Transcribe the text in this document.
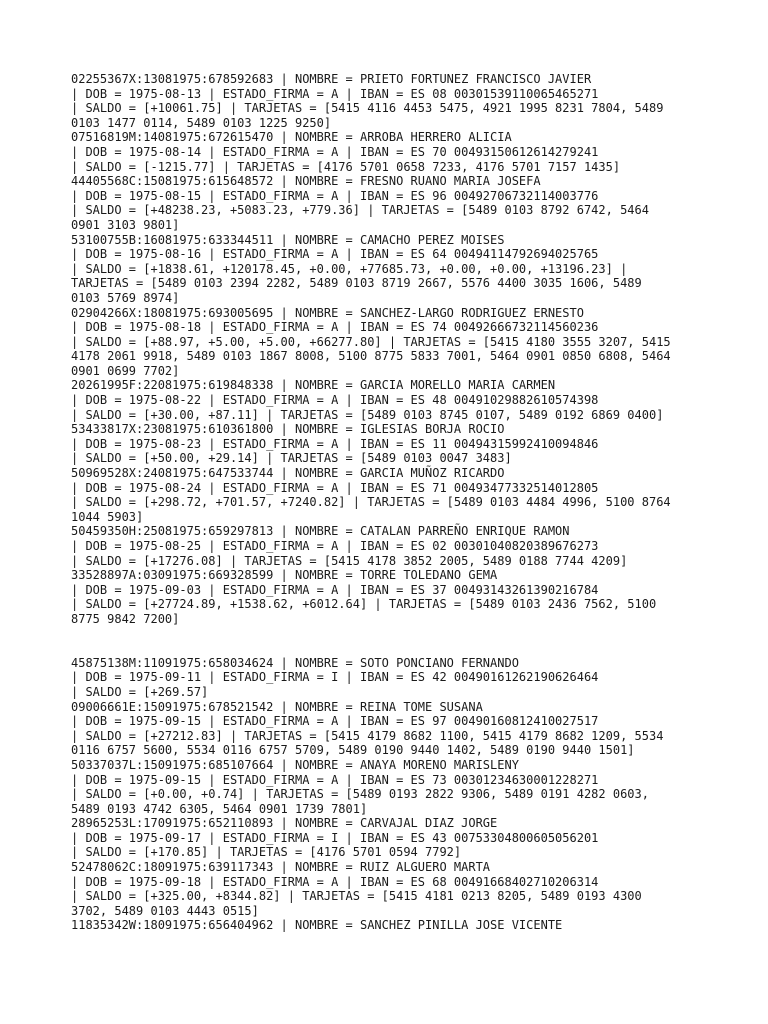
02255367X:13081975:678592683 | NOMBRE = PRIETO FORTUNEZ FRANCISCO JAVIER
| DOB = 1975-08-13 | ESTADO_FIRMA = A | IBAN = ES 08 00301539110065465271
| SALDO = [+10061.75] | TARJETAS = [5415 4116 4453 5475, 4921 1995 8231 7804, 5489
0103 1477 0114, 5489 0103 1225 9250]
07516819M:14081975:672615470 | NOMBRE = ARROBA HERRERO ALICIA
| DOB = 1975-08-14 | ESTADO_FIRMA = A | IBAN = ES 70 00493150612614279241
| SALDO = [-1215.77] | TARJETAS = [4176 5701 0658 7233, 4176 5701 7157 1435]
44405568C:15081975:615648572 | NOMBRE = FRESNO RUANO MARIA JOSEFA
| DOB = 1975-08-15 | ESTADO_FIRMA = A | IBAN = ES 96 00492706732114003776
| SALDO = [+48238.23, +5083.23, +779.36] | TARJETAS = [5489 0103 8792 6742, 5464
0901 3103 9801]
53100755B:16081975:633344511 | NOMBRE = CAMACHO PEREZ MOISES
| DOB = 1975-08-16 | ESTADO_FIRMA = A | IBAN = ES 64 00494114792694025765
| SALDO = [+1838.61, +120178.45, +0.00, +77685.73, +0.00, +0.00, +13196.23] |
TARJETAS = [5489 0103 2394 2282, 5489 0103 8719 2667, 5576 4400 3035 1606, 5489
0103 5769 8974]
02904266X:18081975:693005695 | NOMBRE = SANCHEZ-LARGO RODRIGUEZ ERNESTO
| DOB = 1975-08-18 | ESTADO_FIRMA = A | IBAN = ES 74 00492666732114560236
| SALDO = [+88.97, +5.00, +5.00, +66277.80] | TARJETAS = [5415 4180 3555 3207, 5415
4178 2061 9918, 5489 0103 1867 8008, 5100 8775 5833 7001, 5464 0901 0850 6808, 5464
0901 0699 7702]
20261995F:22081975:619848338 | NOMBRE = GARCIA MORELLO MARIA CARMEN
| DOB = 1975-08-22 | ESTADO_FIRMA = A | IBAN = ES 48 00491029882610574398
| SALDO = [+30.00, +87.11] | TARJETAS = [5489 0103 8745 0107, 5489 0192 6869 0400]
53433817X:23081975:610361800 | NOMBRE = IGLESIAS BORJA ROCIO
| DOB = 1975-08-23 | ESTADO_FIRMA = A | IBAN = ES 11 00494315992410094846
| SALDO = [+50.00, +29.14] | TARJETAS = [5489 0103 0047 3483]
50969528X:24081975:647533744 | NOMBRE = GARCIA MUÑOZ RICARDO
| DOB = 1975-08-24 | ESTADO_FIRMA = A | IBAN = ES 71 00493477332514012805
| SALDO = [+298.72, +701.57, +7240.82] | TARJETAS = [5489 0103 4484 4996, 5100 8764
1044 5903]
50459350H:25081975:659297813 | NOMBRE = CATALAN PARREÑO ENRIQUE RAMON
| DOB = 1975-08-25 | ESTADO_FIRMA = A | IBAN = ES 02 00301040820389676273
| SALDO = [+17276.08] | TARJETAS = [5415 4178 3852 2005, 5489 0188 7744 4209]
33528897A:03091975:669328599 | NOMBRE = TORRE TOLEDANO GEMA
| DOB = 1975-09-03 | ESTADO_FIRMA = A | IBAN = ES 37 00493143261390216784
| SALDO = [+27724.89, +1538.62, +6012.64] | TARJETAS = [5489 0103 2436 7562, 5100
8775 9842 7200]
45875138M:11091975:658034624 | NOMBRE = SOTO PONCIANO FERNANDO
| DOB = 1975-09-11 | ESTADO_FIRMA = I | IBAN = ES 42 00490161262190626464
| SALDO = [+269.57]
09006661E:15091975:678521542 | NOMBRE = REINA TOME SUSANA
| DOB = 1975-09-15 | ESTADO_FIRMA = A | IBAN = ES 97 00490160812410027517
| SALDO = [+27212.83] | TARJETAS = [5415 4179 8682 1100, 5415 4179 8682 1209, 5534
0116 6757 5600, 5534 0116 6757 5709, 5489 0190 9440 1402, 5489 0190 9440 1501]
50337037L:15091975:685107664 | NOMBRE = ANAYA MORENO MARISLENY
| DOB = 1975-09-15 | ESTADO_FIRMA = A | IBAN = ES 73 00301234630001228271
| SALDO = [+0.00, +0.74] | TARJETAS = [5489 0193 2822 9306, 5489 0191 4282 0603,
5489 0193 4742 6305, 5464 0901 1739 7801]
28965253L:17091975:652110893 | NOMBRE = CARVAJAL DIAZ JORGE
| DOB = 1975-09-17 | ESTADO_FIRMA = I | IBAN = ES 43 00753304800605056201
| SALDO = [+170.85] | TARJETAS = [4176 5701 0594 7792]
52478062C:18091975:639117343 | NOMBRE = RUIZ ALGUERO MARTA
| DOB = 1975-09-18 | ESTADO_FIRMA = A | IBAN = ES 68 00491668402710206314
| SALDO = [+325.00, +8344.82] | TARJETAS = [5415 4181 0213 8205, 5489 0193 4300
3702, 5489 0103 4443 0515]
11835342W:18091975:656404962 | NOMBRE = SANCHEZ PINILLA JOSE VICENTE
